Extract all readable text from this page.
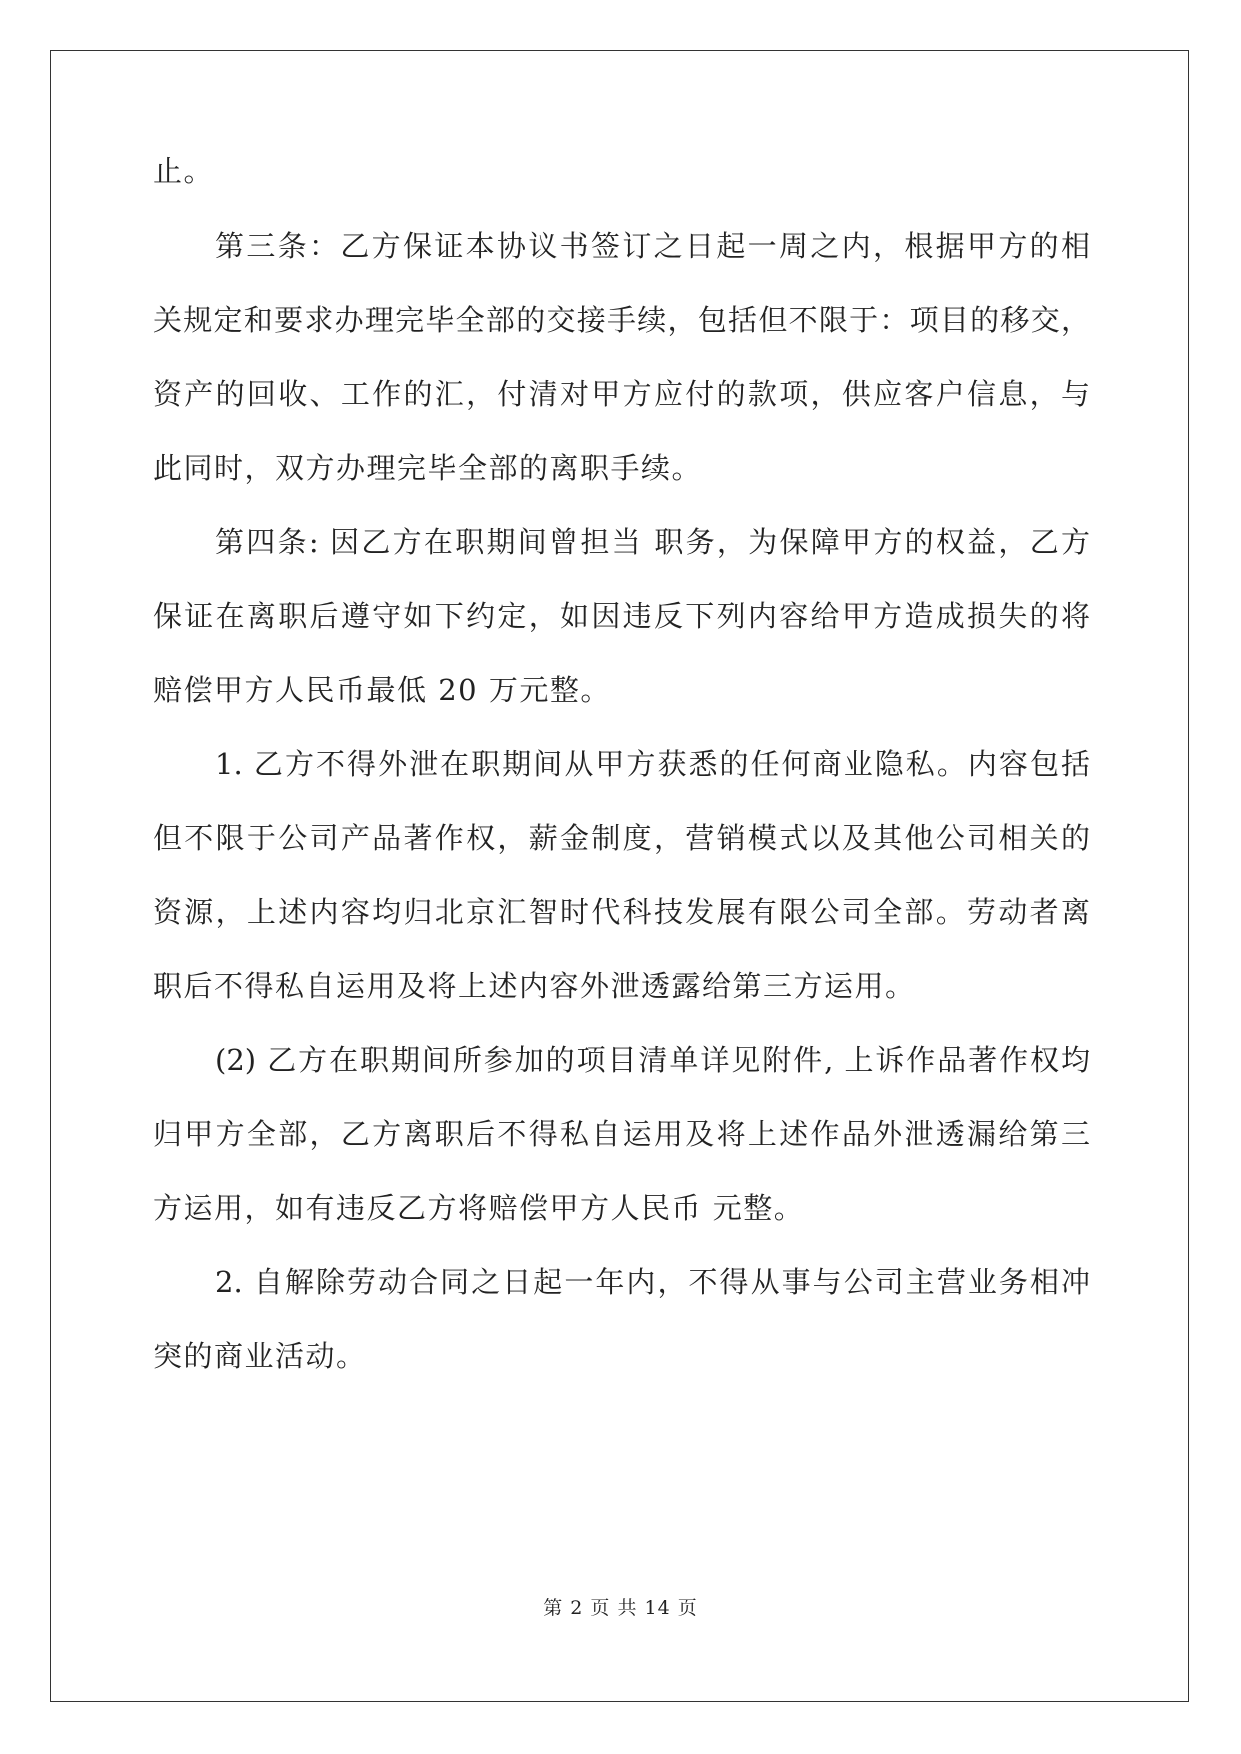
止。
第三条：乙方保证本协议书签订之日起一周之内，根据甲方的相
关规定和要求办理完毕全部的交接手续，包括但不限于：项目的移交，
资产的回收、工作的汇，付清对甲方应付的款项，供应客户信息，与
此同时，双方办理完毕全部的离职手续。
第四条: 因乙方在职期间曾担当 职务，为保障甲方的权益，乙方
保证在离职后遵守如下约定，如因违反下列内容给甲方造成损失的将
赔偿甲方人民币最低 20 万元整。
1. 乙方不得外泄在职期间从甲方获悉的任何商业隐私。内容包括
但不限于公司产品著作权，薪金制度，营销模式以及其他公司相关的
资源，上述内容均归北京汇智时代科技发展有限公司全部。劳动者离
职后不得私自运用及将上述内容外泄透露给第三方运用。
(2) 乙方在职期间所参加的项目清单详见附件, 上诉作品著作权均
归甲方全部，乙方离职后不得私自运用及将上述作品外泄透漏给第三
方运用，如有违反乙方将赔偿甲方人民币 元整。
2. 自解除劳动合同之日起一年内，不得从事与公司主营业务相冲
突的商业活动。
第 2 页 共 14 页
